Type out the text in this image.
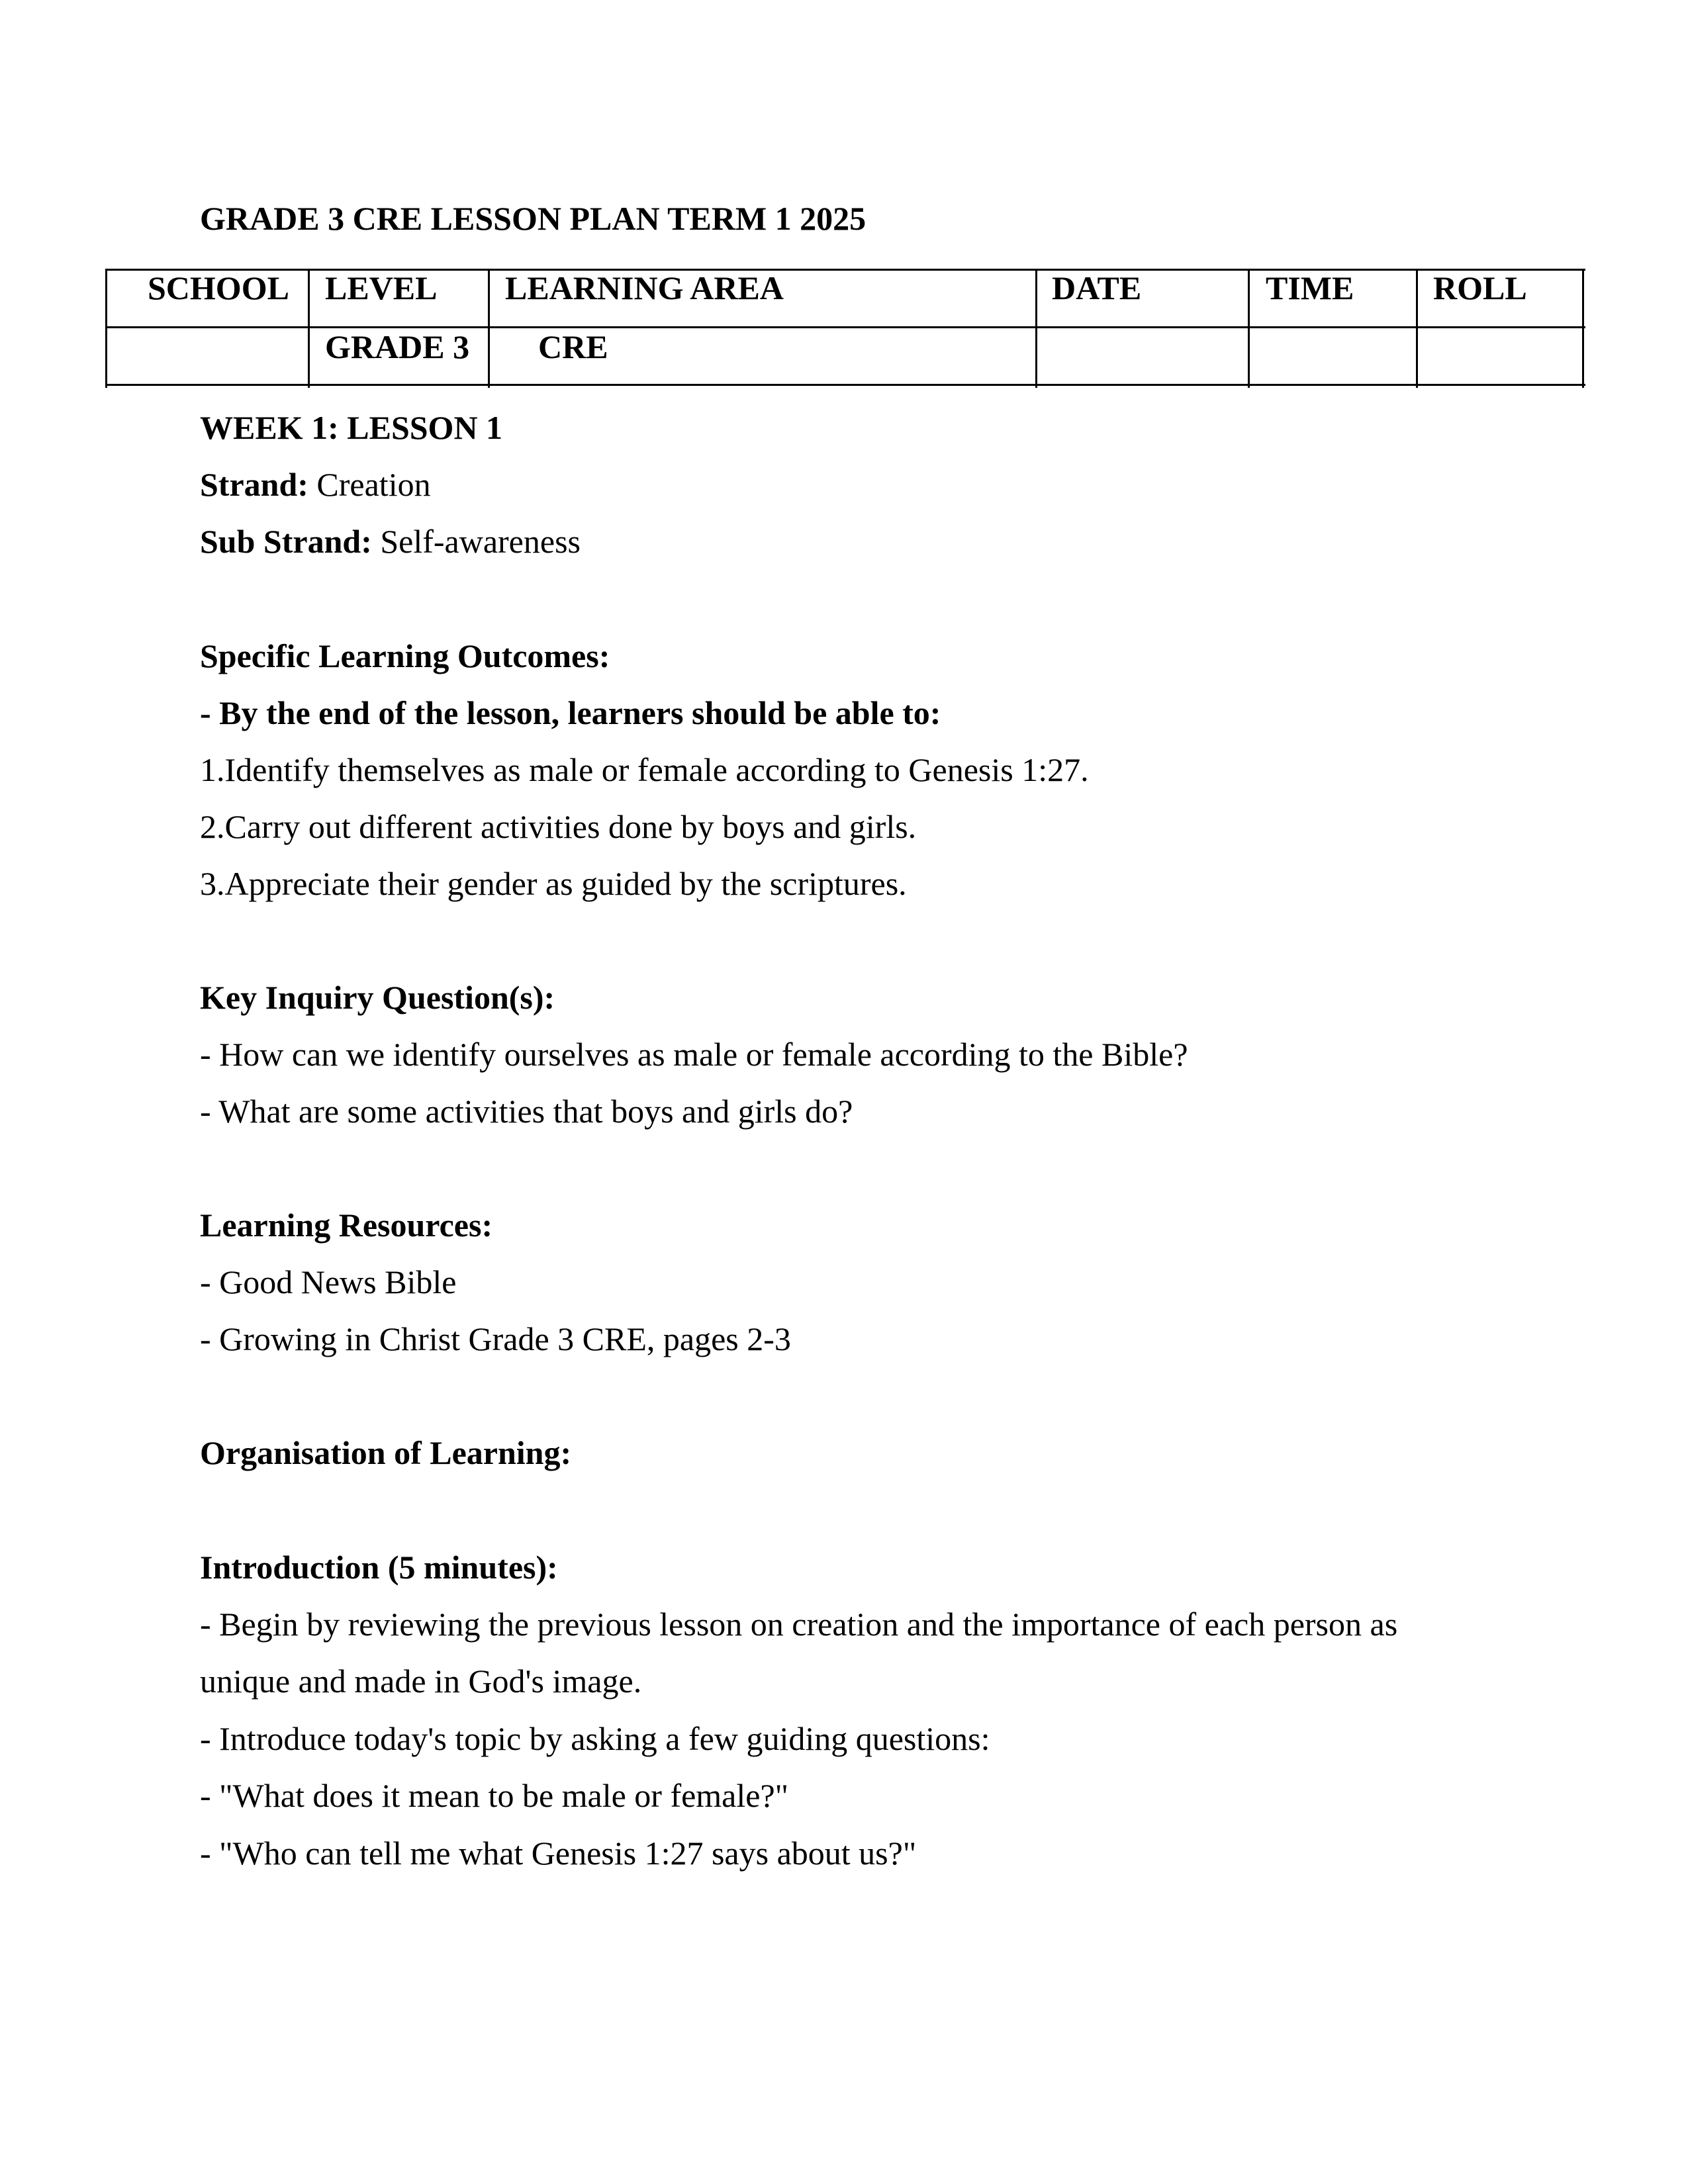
GRADE 3 CRE LESSON PLAN TERM 1 2025
SCHOOL LEVEL LEARNING AREA	DATE	TIME ROLL
GRADE 3 CRE
WEEK 1: LESSON 1
Strand: Creation
Sub Strand: Self-awareness
Specific Learning Outcomes:
- By the end of the lesson, learners should be able to:
1.Identify themselves as male or female according to Genesis 1:27.
2.Carry out different activities done by boys and girls.
3.Appreciate their gender as guided by the scriptures.
Key Inquiry Question(s):
- How can we identify ourselves as male or female according to the Bible?
- What are some activities that boys and girls do?
Learning Resources:
- Good News Bible
- Growing in Christ Grade 3 CRE, pages 2-3
Organisation of Learning:
Introduction (5 minutes):
- Begin by reviewing the previous lesson on creation and the importance of each person as
unique and made in God's image.
- Introduce today's topic by asking a few guiding questions:
- "What does it mean to be male or female?"
- "Who can tell me what Genesis 1:27 says about us?"
